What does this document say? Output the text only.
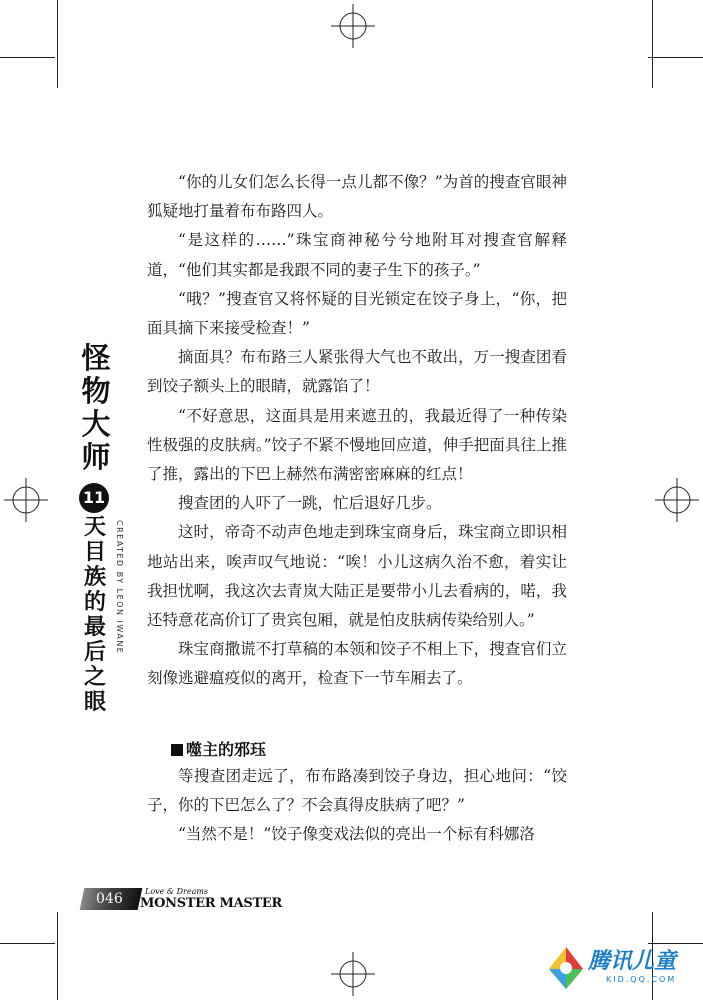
怪物大师
11
天目族的最后之眼
CREATED BY LEON IWANE

“你的儿女们怎么长得一点儿都不像？”为首的搜查官眼神狐疑地打量着布布路四人。

“是这样的……”珠宝商神秘兮兮地附耳对搜查官解释道，“他们其实都是我跟不同的妻子生下的孩子。”

“哦？”搜查官又将怀疑的目光锁定在饺子身上，“你，把面具摘下来接受检查！”

摘面具？布布路三人紧张得大气也不敢出，万一搜查团看到饺子额头上的眼睛，就露馅了！

“不好意思，这面具是用来遮丑的，我最近得了一种传染性极强的皮肤病。”饺子不紧不慢地回应道，伸手把面具往上推了推，露出的下巴上赫然布满密密麻麻的红点！

搜查团的人吓了一跳，忙后退好几步。

这时，帝奇不动声色地走到珠宝商身后，珠宝商立即识相地站出来，唉声叹气地说：“唉！小儿这病久治不愈，着实让我担忧啊，我这次去青岚大陆正是要带小儿去看病的，喏，我还特意花高价订了贵宾包厢，就是怕皮肤病传染给别人。”

珠宝商撒谎不打草稿的本领和饺子不相上下，搜查官们立刻像逃避瘟疫似的离开，检查下一节车厢去了。

噬主的邪珏

等搜查团走远了，布布路凑到饺子身边，担心地问：“饺子，你的下巴怎么了？不会真得皮肤病了吧？”

“当然不是！”饺子像变戏法似的亮出一个标有科娜洛

046	Love & Dreams
MONSTER MASTER
腾讯儿童
KID.QQ.COM
